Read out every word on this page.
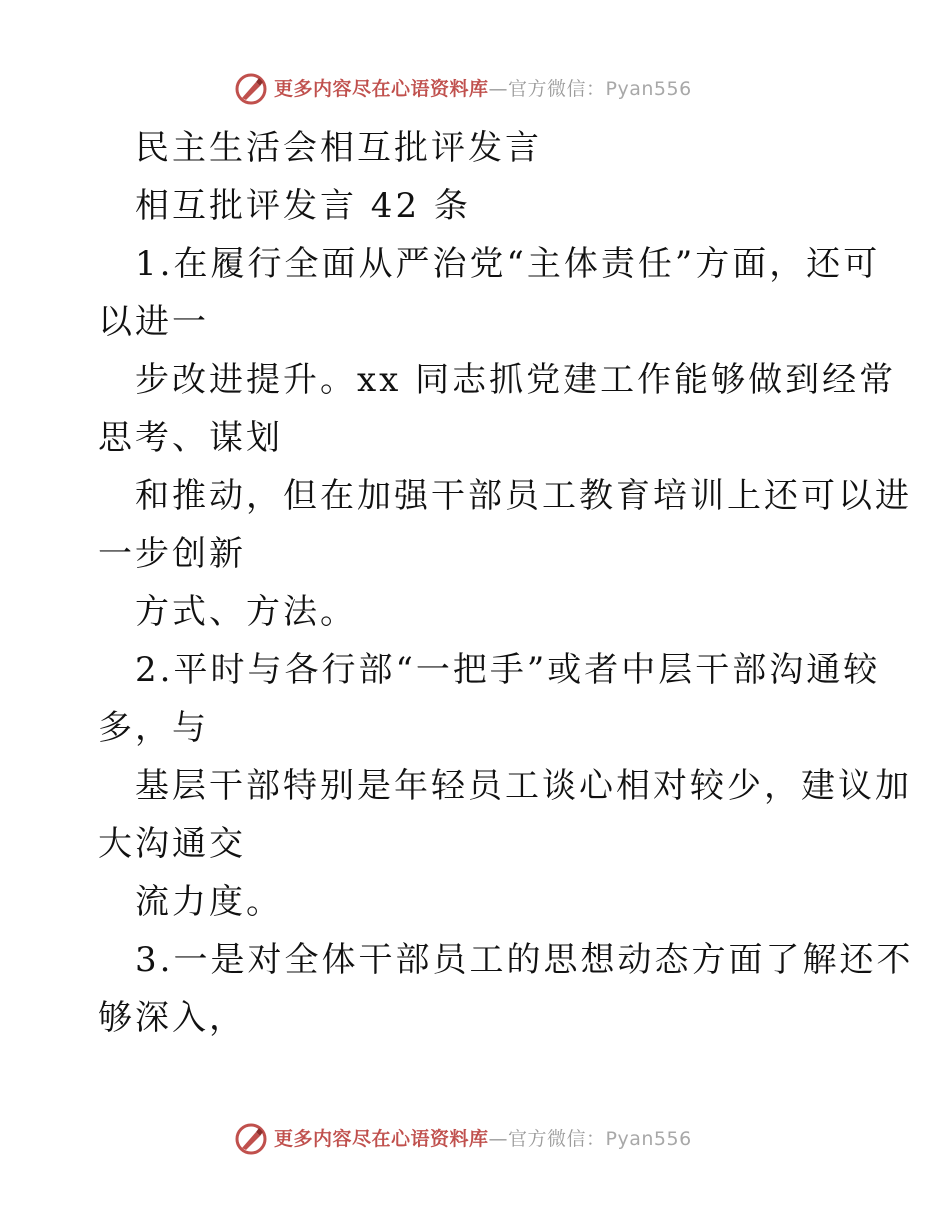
更多内容尽在心语资料库—官方微信：Pyan556
民主生活会相互批评发言
相互批评发言 42 条
1.在履行全面从严治党“主体责任”方面，还可
以进一
步改进提升。xx 同志抓党建工作能够做到经常
思考、谋划
和推动，但在加强干部员工教育培训上还可以进
一步创新
方式、方法。
2.平时与各行部“一把手”或者中层干部沟通较
多，与
基层干部特别是年轻员工谈心相对较少，建议加
大沟通交
流力度。
3.一是对全体干部员工的思想动态方面了解还不
够深入，
更多内容尽在心语资料库—官方微信：Pyan556
